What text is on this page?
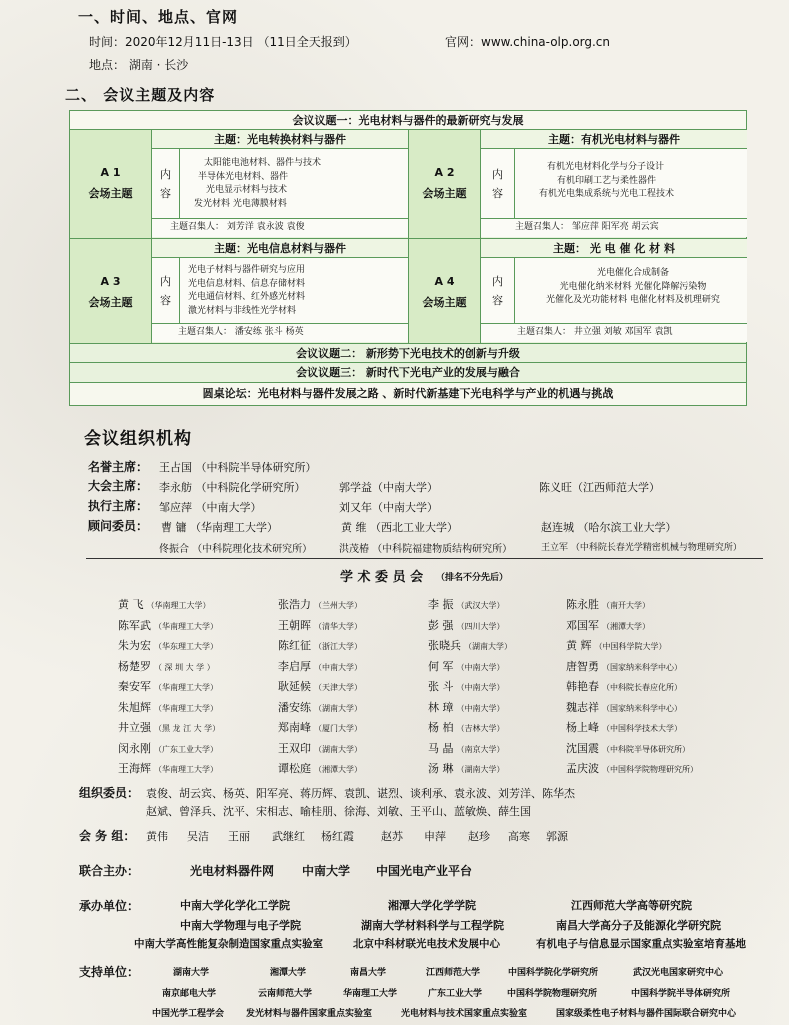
一、时间、地点、官网
时间：2020年12月11日-13日 （11日全天报到）	官网：www.china-olp.org.cn
地点： 湖南 · 长沙
二、 会议主题及内容
会议议题一：光电材料与器件的最新研究与发展
A 1
会场主题
主题：光电转换材料与器件
内
容
太阳能电池材料、器件与技术
半导体光电材料、器件
光电显示材料与技术
发光材料 光电薄膜材料
主题召集人： 刘芳洋 袁永波 袁俊
A 2
会场主题
主题：有机光电材料与器件
内
容
有机光电材料化学与分子设计
有机印刷工艺与柔性器件
有机光电集成系统与光电工程技术
主题召集人： 邹应萍 阳军亮 胡云宾
A 3
会场主题
主题：光电信息材料与器件
内
容
光电子材料与器件研究与应用
光电信息材料、信息存储材料
光电通信材料、红外感光材料
激光材料与非线性光学材料
主题召集人： 潘安练 张斗 杨英
A 4
会场主题
主题： 光 电 催 化 材 料
内
容
光电催化合成制备
光电催化纳米材料 光催化降解污染物
光催化及光功能材料 电催化材料及机理研究
主题召集人： 井立强 刘敏 邓国军 袁凯
会议议题二： 新形势下光电技术的创新与升级
会议议题三： 新时代下光电产业的发展与融合
圆桌论坛：光电材料与器件发展之路 、新时代新基建下光电科学与产业的机遇与挑战
会议组织机构
名誉主席： 王占国 （中科院半导体研究所）
大会主席： 李永舫 （中科院化学研究所）	郭学益（中南大学）	陈义旺（江西师范大学）
执行主席： 邹应萍 （中南大学）	刘又年（中南大学）
顾问委员： 曹 镛 （华南理工大学）	黄 维 （西北工业大学）	赵连城 （哈尔滨工业大学）
佟振合 （中科院理化技术研究所）	洪茂椿 （中科院福建物质结构研究所）	王立军 （中科院长春光学精密机械与物理研究所）
学 术 委 员 会 （排名不分先后）
黄 飞 （华南理工大学）	张浩力 （兰州大学）	李 振 （武汉大学）	陈永胜 （南开大学）
陈军武 （华南理工大学）	王朝晖 （清华大学）	彭 强 （四川大学）	邓国军 （湘潭大学）
朱为宏 （华东理工大学）	陈红征 （浙江大学）	张晓兵 （湖南大学）	黄 辉 （中国科学院大学）
杨楚罗 （ 深 圳 大 学 ）	李启厚 （中南大学）	何 军 （中南大学）	唐智勇 （国家纳米科学中心）
秦安军 （华南理工大学）	耿延候 （天津大学）	张 斗 （中南大学）	韩艳春 （中科院长春应化所）
朱旭辉 （华南理工大学）	潘安练 （湖南大学）	林 璋 （中南大学）	魏志祥 （国家纳米科学中心）
井立强 （黑 龙 江 大 学）	郑南峰 （厦门大学）	杨 柏 （吉林大学）	杨上峰 （中国科学技术大学）
闵永刚 （广东工业大学）	王双印 （湖南大学）	马 晶 （南京大学）	沈国震 （中科院半导体研究所）
王海辉 （华南理工大学）	谭松庭 （湘潭大学）	汤 琳 （湖南大学）	孟庆波 （中国科学院物理研究所）
组织委员： 袁俊、胡云宾、杨英、阳军亮、蒋历辉、袁凯、谌烈、谈利承、袁永波、刘芳洋、陈华杰
赵斌、曾泽兵、沈平、宋相志、喻桂朋、徐海、刘敏、王平山、蓝敏焕、薛生国
会 务 组： 黄伟 吴洁 王丽 武继红 杨红霞 赵苏 申萍 赵珍 高寒 郭源
联合主办：	光电材料器件网 中南大学 中国光电产业平台
承办单位：	中南大学化学化工学院	湘潭大学化学学院	江西师范大学高等研究院
中南大学物理与电子学院	湖南大学材料科学与工程学院	南昌大学高分子及能源化学研究院
中南大学高性能复杂制造国家重点实验室	北京中科材联光电技术发展中心	有机电子与信息显示国家重点实验室培育基地
支持单位：	湖南大学	湘潭大学	南昌大学	江西师范大学	中国科学院化学研究所	武汉光电国家研究中心
南京邮电大学	云南师范大学	华南理工大学	广东工业大学	中国科学院物理研究所	中国科学院半导体研究所
中国光学工程学会 发光材料与器件国家重点实验室	光电材料与技术国家重点实验室	国家级柔性电子材料与器件国际联合研究中心
